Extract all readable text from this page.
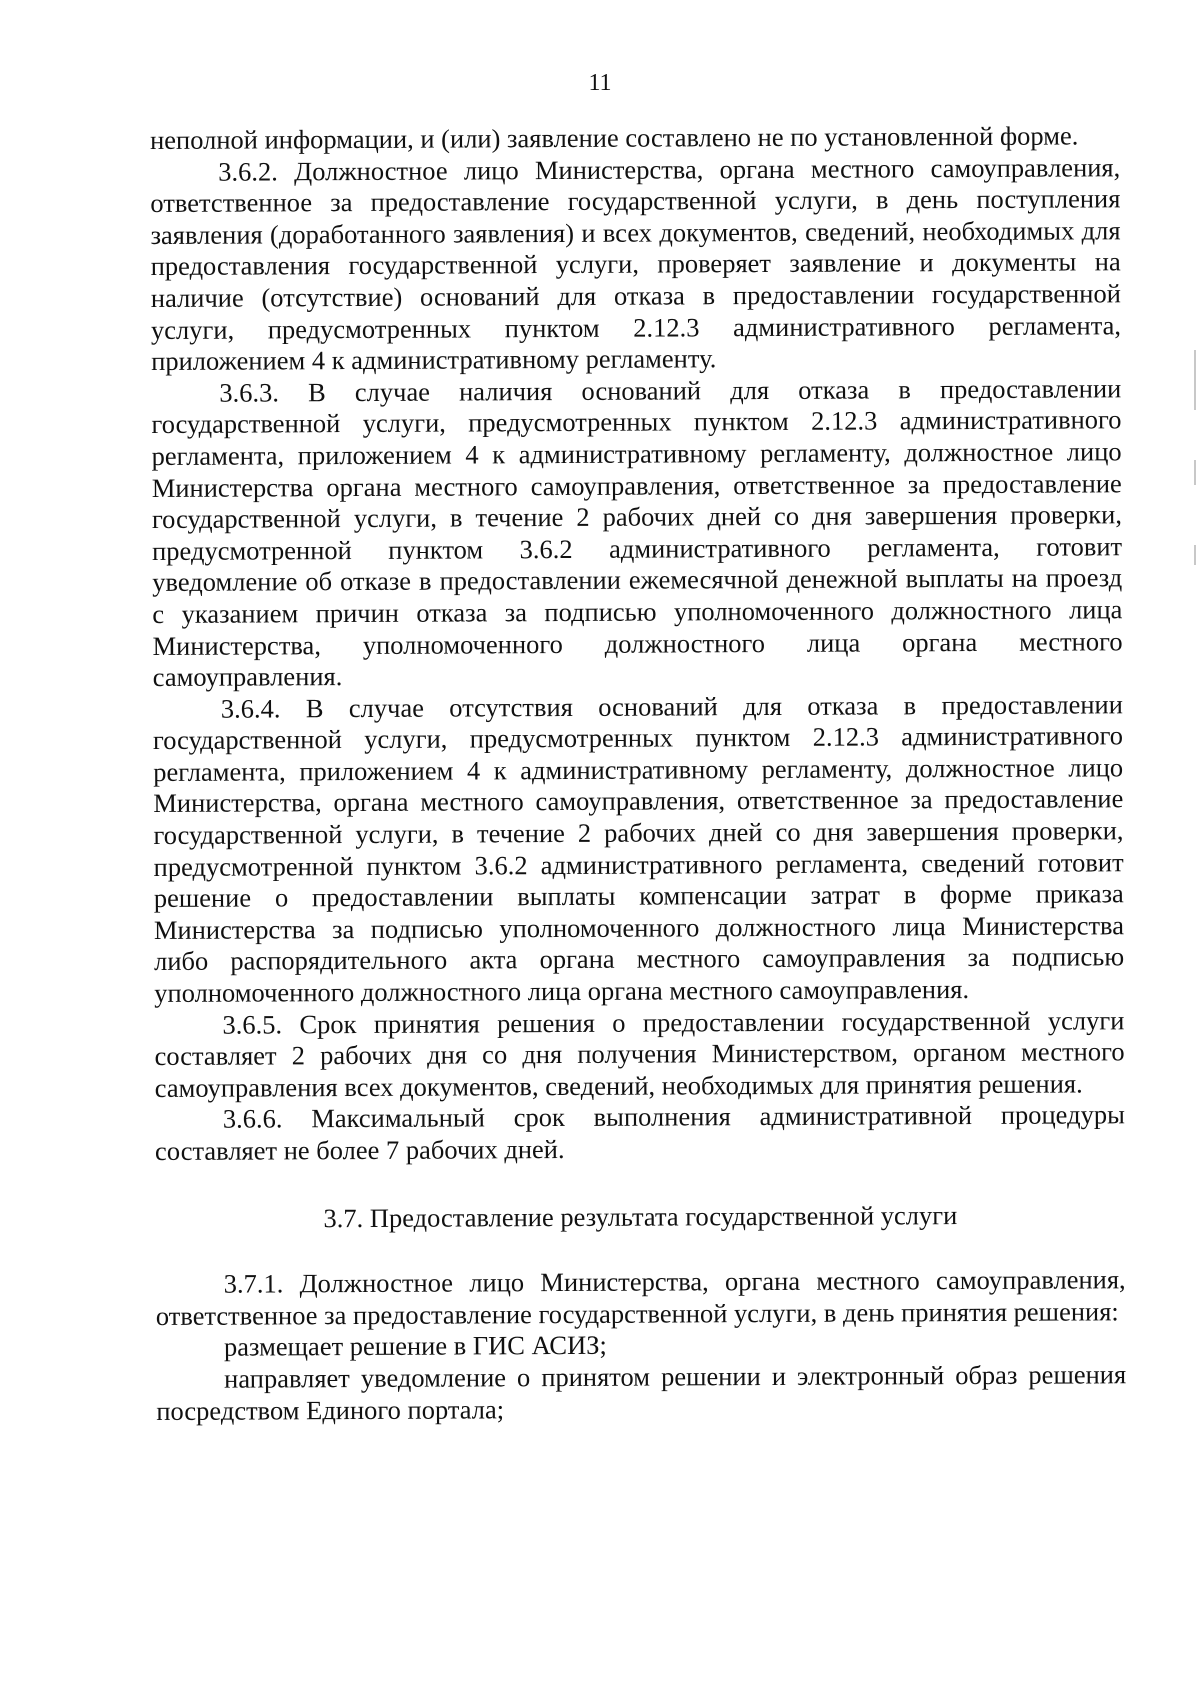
11

неполной информации, и (или) заявление составлено не по установленной форме.

3.6.2. Должностное лицо Министерства, органа местного самоуправления, ответственное за предоставление государственной услуги, в день поступления заявления (доработанного заявления) и всех документов, сведений, необходимых для предоставления государственной услуги, проверяет заявление и документы на наличие (отсутствие) оснований для отказа в предоставлении государственной услуги, предусмотренных пунктом 2.12.3 административного регламента, приложением 4 к административному регламенту.

3.6.3. В случае наличия оснований для отказа в предоставлении государственной услуги, предусмотренных пунктом 2.12.3 административного регламента, приложением 4 к административному регламенту, должностное лицо Министерства органа местного самоуправления, ответственное за предоставление государственной услуги, в течение 2 рабочих дней со дня завершения проверки, предусмотренной пунктом 3.6.2 административного регламента, готовит уведомление об отказе в предоставлении ежемесячной денежной выплаты на проезд с указанием причин отказа за подписью уполномоченного должностного лица Министерства, уполномоченного должностного лица органа местного самоуправления.

3.6.4. В случае отсутствия оснований для отказа в предоставлении государственной услуги, предусмотренных пунктом 2.12.3 административного регламента, приложением 4 к административному регламенту, должностное лицо Министерства, органа местного самоуправления, ответственное за предоставление государственной услуги, в течение 2 рабочих дней со дня завершения проверки, предусмотренной пунктом 3.6.2 административного регламента, сведений готовит решение о предоставлении выплаты компенсации затрат в форме приказа Министерства за подписью уполномоченного должностного лица Министерства либо распорядительного акта органа местного самоуправления за подписью уполномоченного должностного лица органа местного самоуправления.

3.6.5. Срок принятия решения о предоставлении государственной услуги составляет 2 рабочих дня со дня получения Министерством, органом местного самоуправления всех документов, сведений, необходимых для принятия решения.

3.6.6. Максимальный срок выполнения административной процедуры составляет не более 7 рабочих дней.

3.7. Предоставление результата государственной услуги

3.7.1. Должностное лицо Министерства, органа местного самоуправления, ответственное за предоставление государственной услуги, в день принятия решения:

размещает решение в ГИС АСИЗ;

направляет уведомление о принятом решении и электронный образ решения посредством Единого портала;
